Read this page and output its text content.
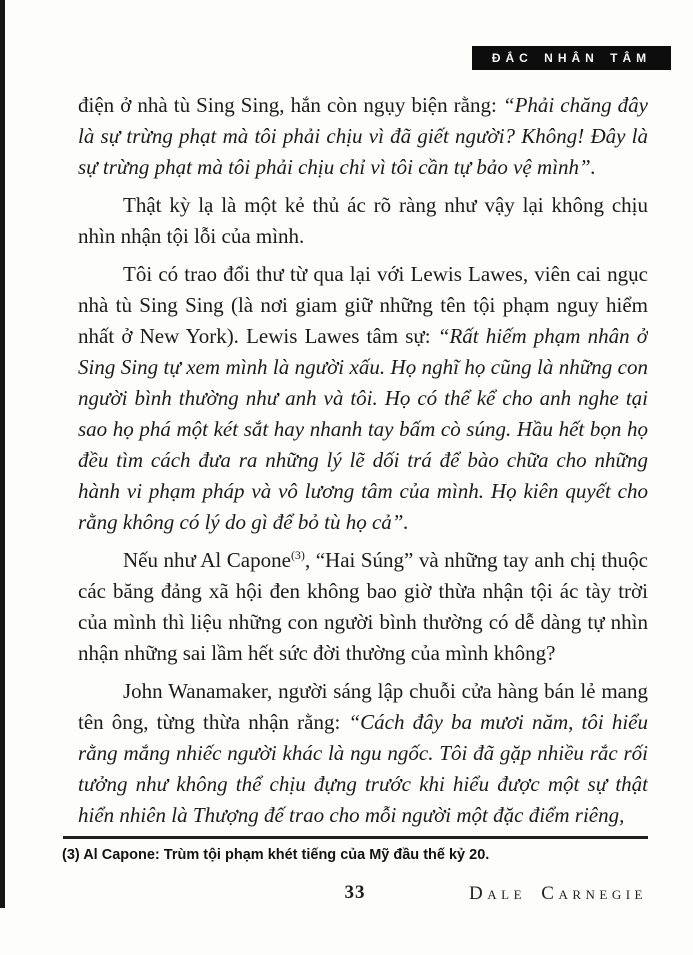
ĐẮC NHÂN TÂM

điện ở nhà tù Sing Sing, hắn còn ngụy biện rằng: “Phải chăng đây là sự trừng phạt mà tôi phải chịu vì đã giết người? Không! Đây là sự trừng phạt mà tôi phải chịu chỉ vì tôi cần tự bảo vệ mình”.

Thật kỳ lạ là một kẻ thủ ác rõ ràng như vậy lại không chịu nhìn nhận tội lỗi của mình.

Tôi có trao đổi thư từ qua lại với Lewis Lawes, viên cai ngục nhà tù Sing Sing (là nơi giam giữ những tên tội phạm nguy hiểm nhất ở New York). Lewis Lawes tâm sự: “Rất hiếm phạm nhân ở Sing Sing tự xem mình là người xấu. Họ nghĩ họ cũng là những con người bình thường như anh và tôi. Họ có thể kể cho anh nghe tại sao họ phá một két sắt hay nhanh tay bấm cò súng. Hầu hết bọn họ đều tìm cách đưa ra những lý lẽ dối trá để bào chữa cho những hành vi phạm pháp và vô lương tâm của mình. Họ kiên quyết cho rằng không có lý do gì để bỏ tù họ cả”.

Nếu như Al Capone$^{(3)}$, “Hai Súng” và những tay anh chị thuộc các băng đảng xã hội đen không bao giờ thừa nhận tội ác tày trời của mình thì liệu những con người bình thường có dễ dàng tự nhìn nhận những sai lầm hết sức đời thường của mình không?

John Wanamaker, người sáng lập chuỗi cửa hàng bán lẻ mang tên ông, từng thừa nhận rằng: “Cách đây ba mươi năm, tôi hiểu rằng mắng nhiếc người khác là ngu ngốc. Tôi đã gặp nhiều rắc rối tưởng như không thể chịu đựng trước khi hiểu được một sự thật hiển nhiên là Thượng đế trao cho mỗi người một đặc điểm riêng,

(3) Al Capone: Trùm tội phạm khét tiếng của Mỹ đầu thế kỷ 20.
33	Dale Carnegie
